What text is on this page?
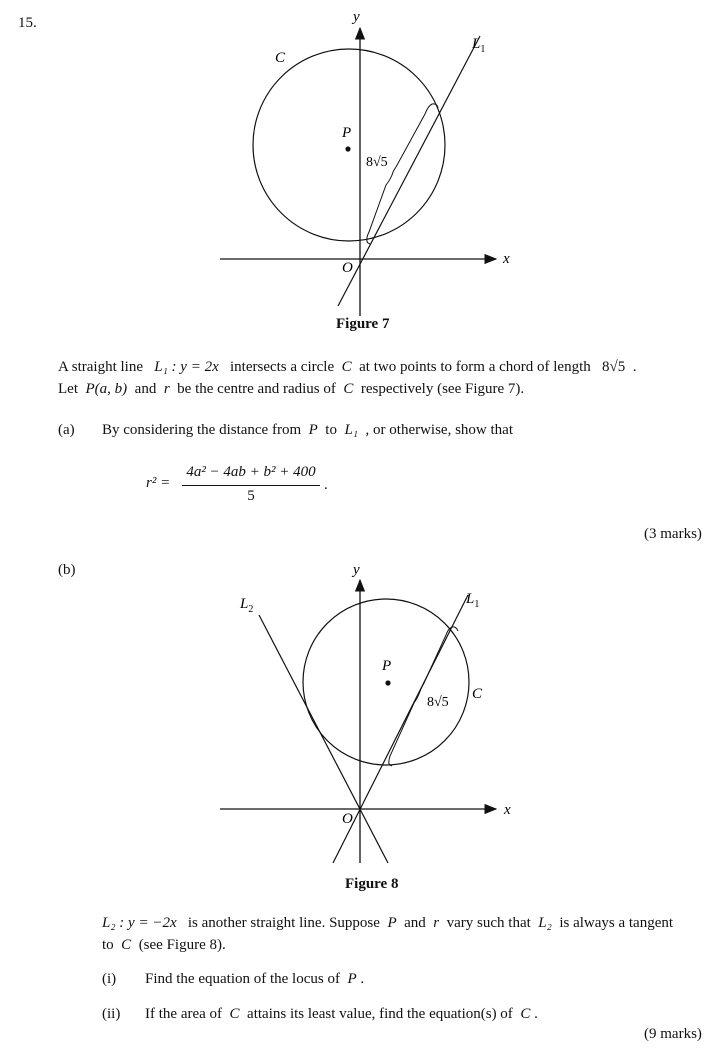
15.	y
x
O
C
P
$L_1$
8√5
Figure 7
A straight line L₁ : y = 2x intersects a circle C at two points to form a chord of length 8√5 .
Let P(a, b) and r be the centre and radius of C respectively (see Figure 7).
(a) By considering the distance from P to L₁ , or otherwise, show that
r² =
4a² − 4ab + b² + 400
5
.
(3 marks)
(b)	y
x
O
C
P
$L_1$
$L_2$
8√5
Figure 8
L₂ : y = −2x is another straight line. Suppose P and r vary such that L₂ is always a tangent
to C (see Figure 8).
(i) Find the equation of the locus of P .
(ii) If the area of C attains its least value, find the equation(s) of C .
(9 marks)
